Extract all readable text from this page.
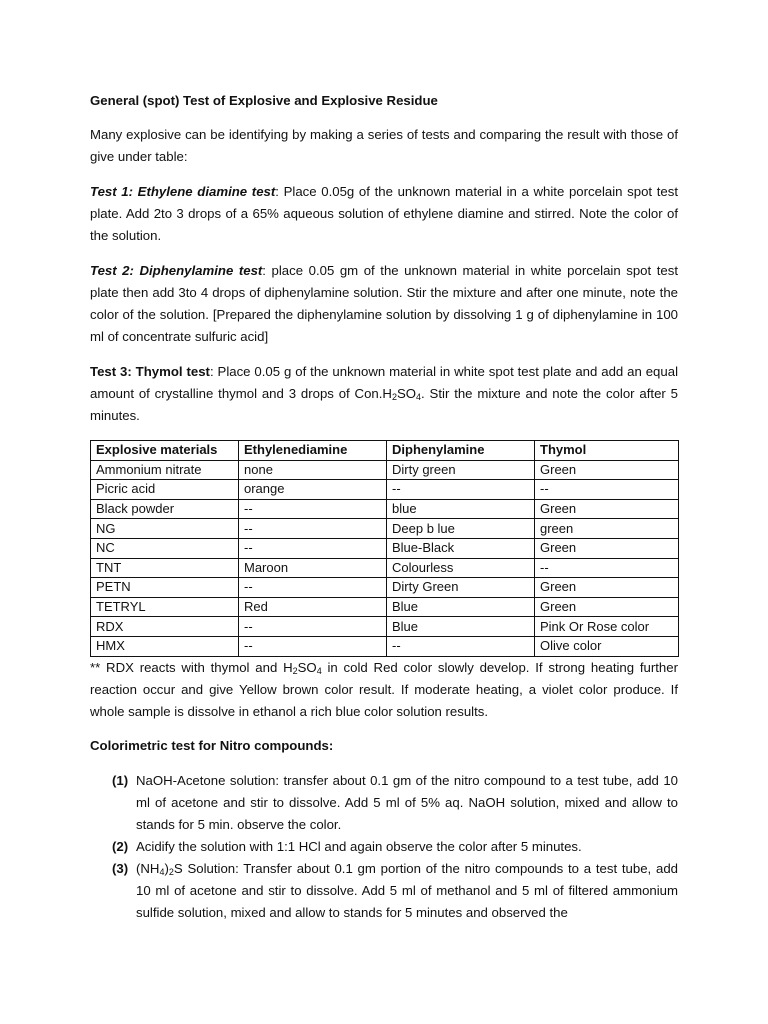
General (spot) Test of Explosive and Explosive Residue

Many explosive can be identifying by making a series of tests and comparing the result with those of give under table:

Test 1: Ethylene diamine test: Place 0.05g of the unknown material in a white porcelain spot test plate. Add 2to 3 drops of a 65% aqueous solution of ethylene diamine and stirred. Note the color of the solution.

Test 2: Diphenylamine test: place 0.05 gm of the unknown material in white porcelain spot test plate then add 3to 4 drops of diphenylamine solution. Stir the mixture and after one minute, note the color of the solution. [Prepared the diphenylamine solution by dissolving 1 g of diphenylamine in 100 ml of concentrate sulfuric acid]

Test 3: Thymol test: Place 0.05 g of the unknown material in white spot test plate and add an equal amount of crystalline thymol and 3 drops of $Con.H_2SO_4$. Stir the mixture and note the color after 5 minutes.

Explosive materials	Ethylenediamine	Diphenylamine	Thymol
Ammonium nitrate	none	Dirty green	Green
Picric acid	orange	--	--
Black powder	--	blue	Green
NG	--	Deep b lue	green
NC	--	Blue-Black	Green
TNT	Maroon	Colourless	--
PETN	--	Dirty Green	Green
TETRYL	Red	Blue	Green
RDX	--	Blue	Pink Or Rose color
HMX	--	--	Olive color

** RDX reacts with thymol and $H_2SO_4$ in cold Red color slowly develop. If strong heating further reaction occur and give Yellow brown color result. If moderate heating, a violet color produce. If whole sample is dissolve in ethanol a rich blue color solution results.

Colorimetric test for Nitro compounds:
(1) NaOH-Acetone solution: transfer about 0.1 gm of the nitro compound to a test tube, add 10 ml of acetone and stir to dissolve. Add 5 ml of 5% aq. NaOH solution, mixed and allow to stands for 5 min. observe the color.
(2) Acidify the solution with 1:1 HCl and again observe the color after 5 minutes.
(3) $(NH_4)_2S$ Solution: Transfer about 0.1 gm portion of the nitro compounds to a test tube, add 10 ml of acetone and stir to dissolve. Add 5 ml of methanol and 5 ml of filtered ammonium sulfide solution, mixed and allow to stands for 5 minutes and observed the
